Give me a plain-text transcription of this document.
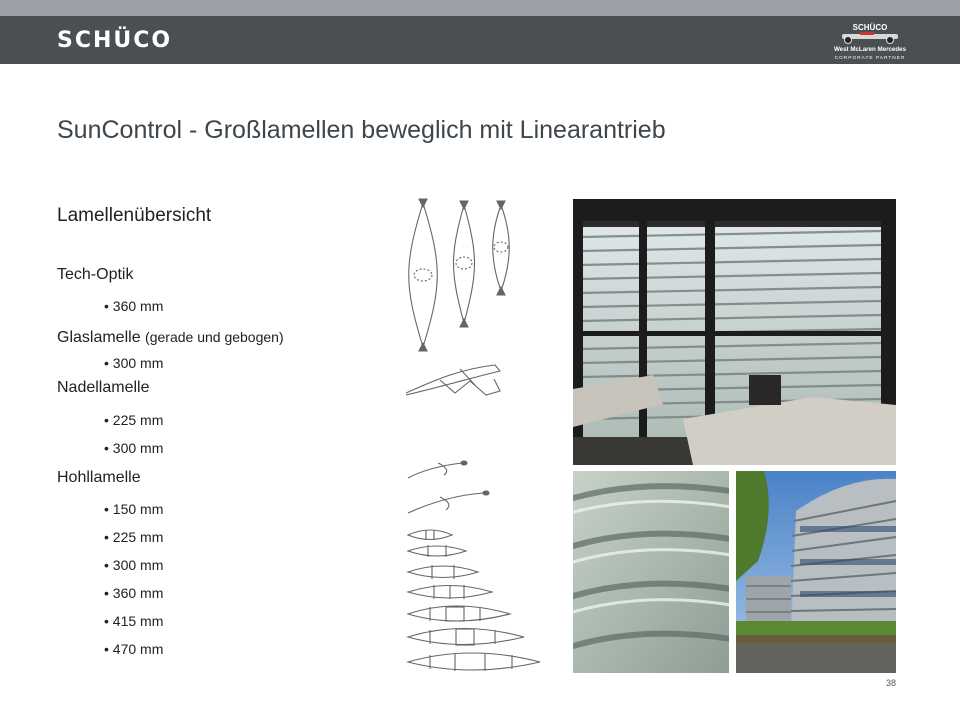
SCHÜCO
SCHÜCO
West McLaren Mercedes
CORPORATE PARTNER
SunControl - Großlamellen beweglich mit Linearantrieb
Lamellenübersicht
Tech-Optik
• 360 mm
Glaslamelle (gerade und gebogen)
• 300 mm
Nadellamelle
• 225 mm
• 300 mm
Hohllamelle
• 150 mm
• 225 mm
• 300 mm
• 360 mm
• 415 mm
• 470 mm
38
